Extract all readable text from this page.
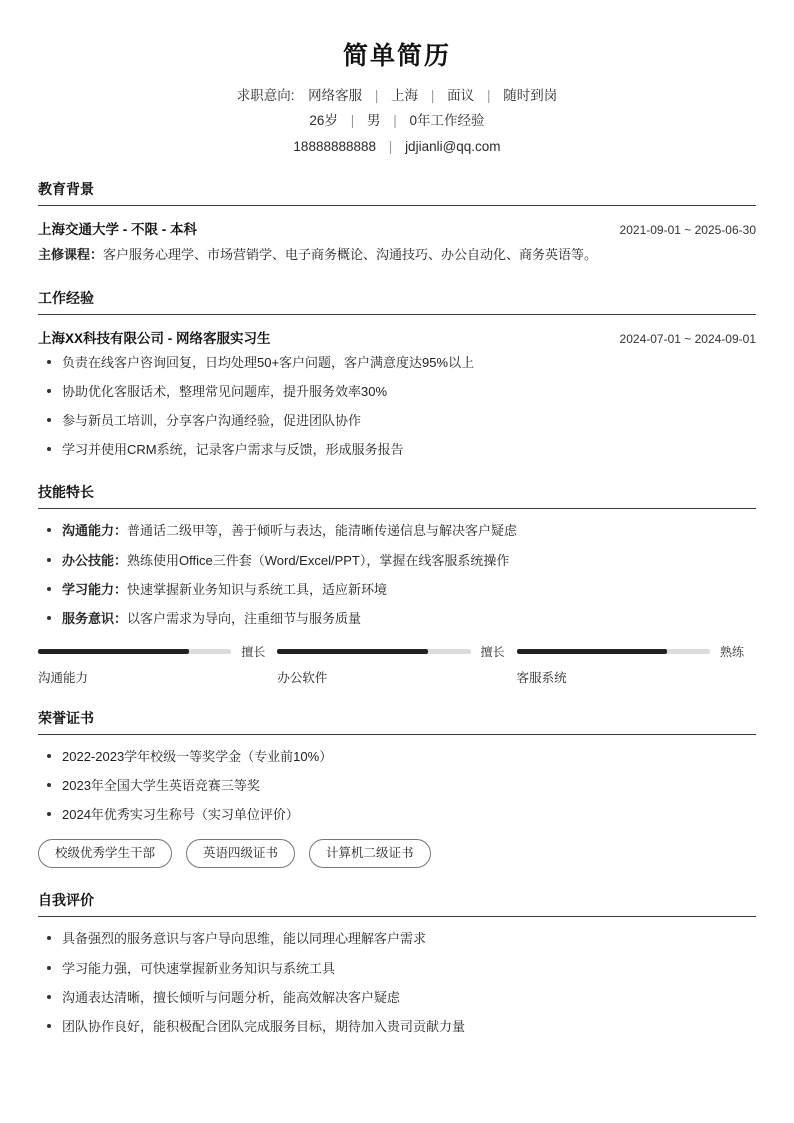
简单简历
求职意向: 网络客服 | 上海 | 面议 | 随时到岗
26岁 | 男 | 0年工作经验
18888888888 | jdjianli@qq.com
教育背景
上海交通大学 - 不限 - 本科	2021-09-01 ~ 2025-06-30
主修课程：客户服务心理学、市场营销学、电子商务概论、沟通技巧、办公自动化、商务英语等。
工作经验
上海XX科技有限公司 - 网络客服实习生	2024-07-01 ~ 2024-09-01
负责在线客户咨询回复，日均处理50+客户问题，客户满意度达95%以上
协助优化客服话术，整理常见问题库，提升服务效率30%
参与新员工培训，分享客户沟通经验，促进团队协作
学习并使用CRM系统，记录客户需求与反馈，形成服务报告
技能特长
沟通能力：普通话二级甲等，善于倾听与表达，能清晰传递信息与解决客户疑虑
办公技能：熟练使用Office三件套（Word/Excel/PPT），掌握在线客服系统操作
学习能力：快速掌握新业务知识与系统工具，适应新环境
服务意识：以客户需求为导向，注重细节与服务质量
擅长
沟通能力
擅长
办公软件
熟练
客服系统
荣誉证书
2022-2023学年校级一等奖学金（专业前10%）
2023年全国大学生英语竞赛三等奖
2024年优秀实习生称号（实习单位评价）
校级优秀学生干部	英语四级证书	计算机二级证书
自我评价
具备强烈的服务意识与客户导向思维，能以同理心理解客户需求
学习能力强，可快速掌握新业务知识与系统工具
沟通表达清晰，擅长倾听与问题分析，能高效解决客户疑虑
团队协作良好，能积极配合团队完成服务目标，期待加入贵司贡献力量
